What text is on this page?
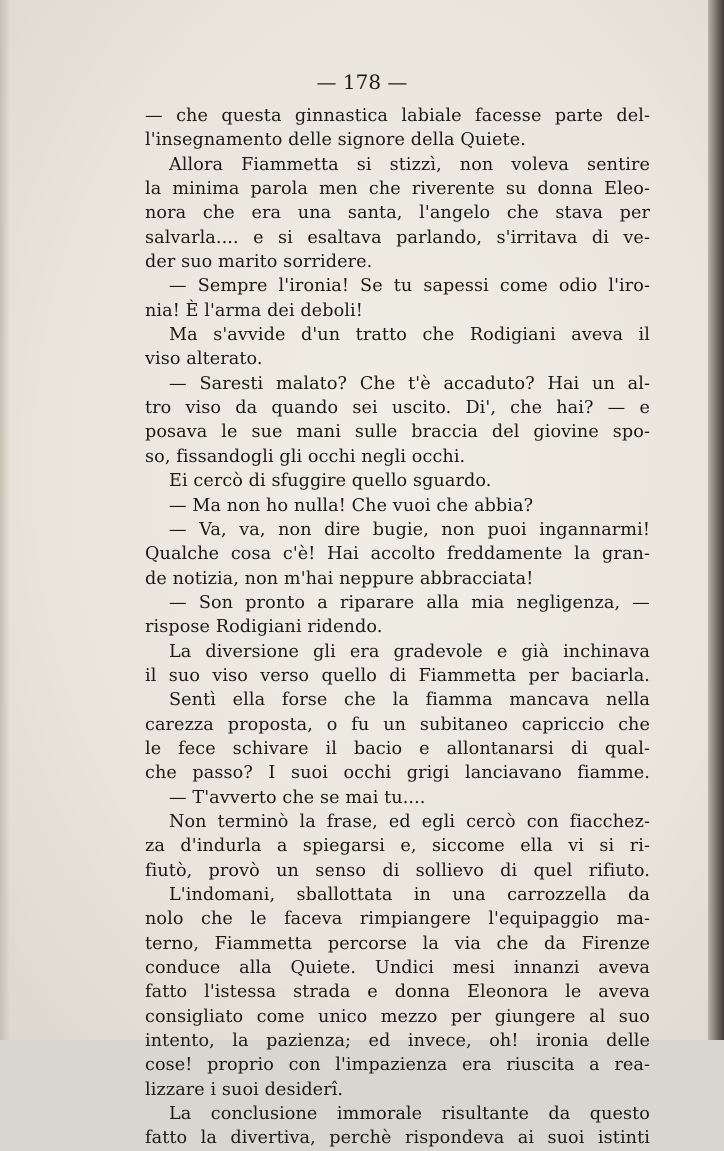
— 178 —

— che questa ginnastica labiale facesse parte del-
l'insegnamento delle signore della Quiete.
Allora Fiammetta si stizzì, non voleva sentire
la minima parola men che riverente su donna Eleo-
nora che era una santa, l'angelo che stava per
salvarla.... e si esaltava parlando, s'irritava di ve-
der suo marito sorridere.
— Sempre l'ironia! Se tu sapessi come odio l'iro-
nia! È l'arma dei deboli!
Ma s'avvide d'un tratto che Rodigiani aveva il
viso alterato.
— Saresti malato? Che t'è accaduto? Hai un al-
tro viso da quando sei uscito. Di', che hai? — e
posava le sue mani sulle braccia del giovine spo-
so, fissandogli gli occhi negli occhi.
Ei cercò di sfuggire quello sguardo.
— Ma non ho nulla! Che vuoi che abbia?
— Va, va, non dire bugie, non puoi ingannarmi!
Qualche cosa c'è! Hai accolto freddamente la gran-
de notizia, non m'hai neppure abbracciata!
— Son pronto a riparare alla mia negligenza, —
rispose Rodigiani ridendo.
La diversione gli era gradevole e già inchinava
il suo viso verso quello di Fiammetta per baciarla.
Sentì ella forse che la fiamma mancava nella
carezza proposta, o fu un subitaneo capriccio che
le fece schivare il bacio e allontanarsi di qual-
che passo? I suoi occhi grigi lanciavano fiamme.
— T'avverto che se mai tu....
Non terminò la frase, ed egli cercò con fiacchez-
za d'indurla a spiegarsi e, siccome ella vi si ri-
fiutò, provò un senso di sollievo di quel rifiuto.
L'indomani, sballottata in una carrozzella da
nolo che le faceva rimpiangere l'equipaggio ma-
terno, Fiammetta percorse la via che da Firenze
conduce alla Quiete. Undici mesi innanzi aveva
fatto l'istessa strada e donna Eleonora le aveva
consigliato come unico mezzo per giungere al suo
intento, la pazienza; ed invece, oh! ironia delle
cose! proprio con l'impazienza era riuscita a rea-
lizzare i suoi desiderî.
La conclusione immorale risultante da questo
fatto la divertiva, perchè rispondeva ai suoi istinti
